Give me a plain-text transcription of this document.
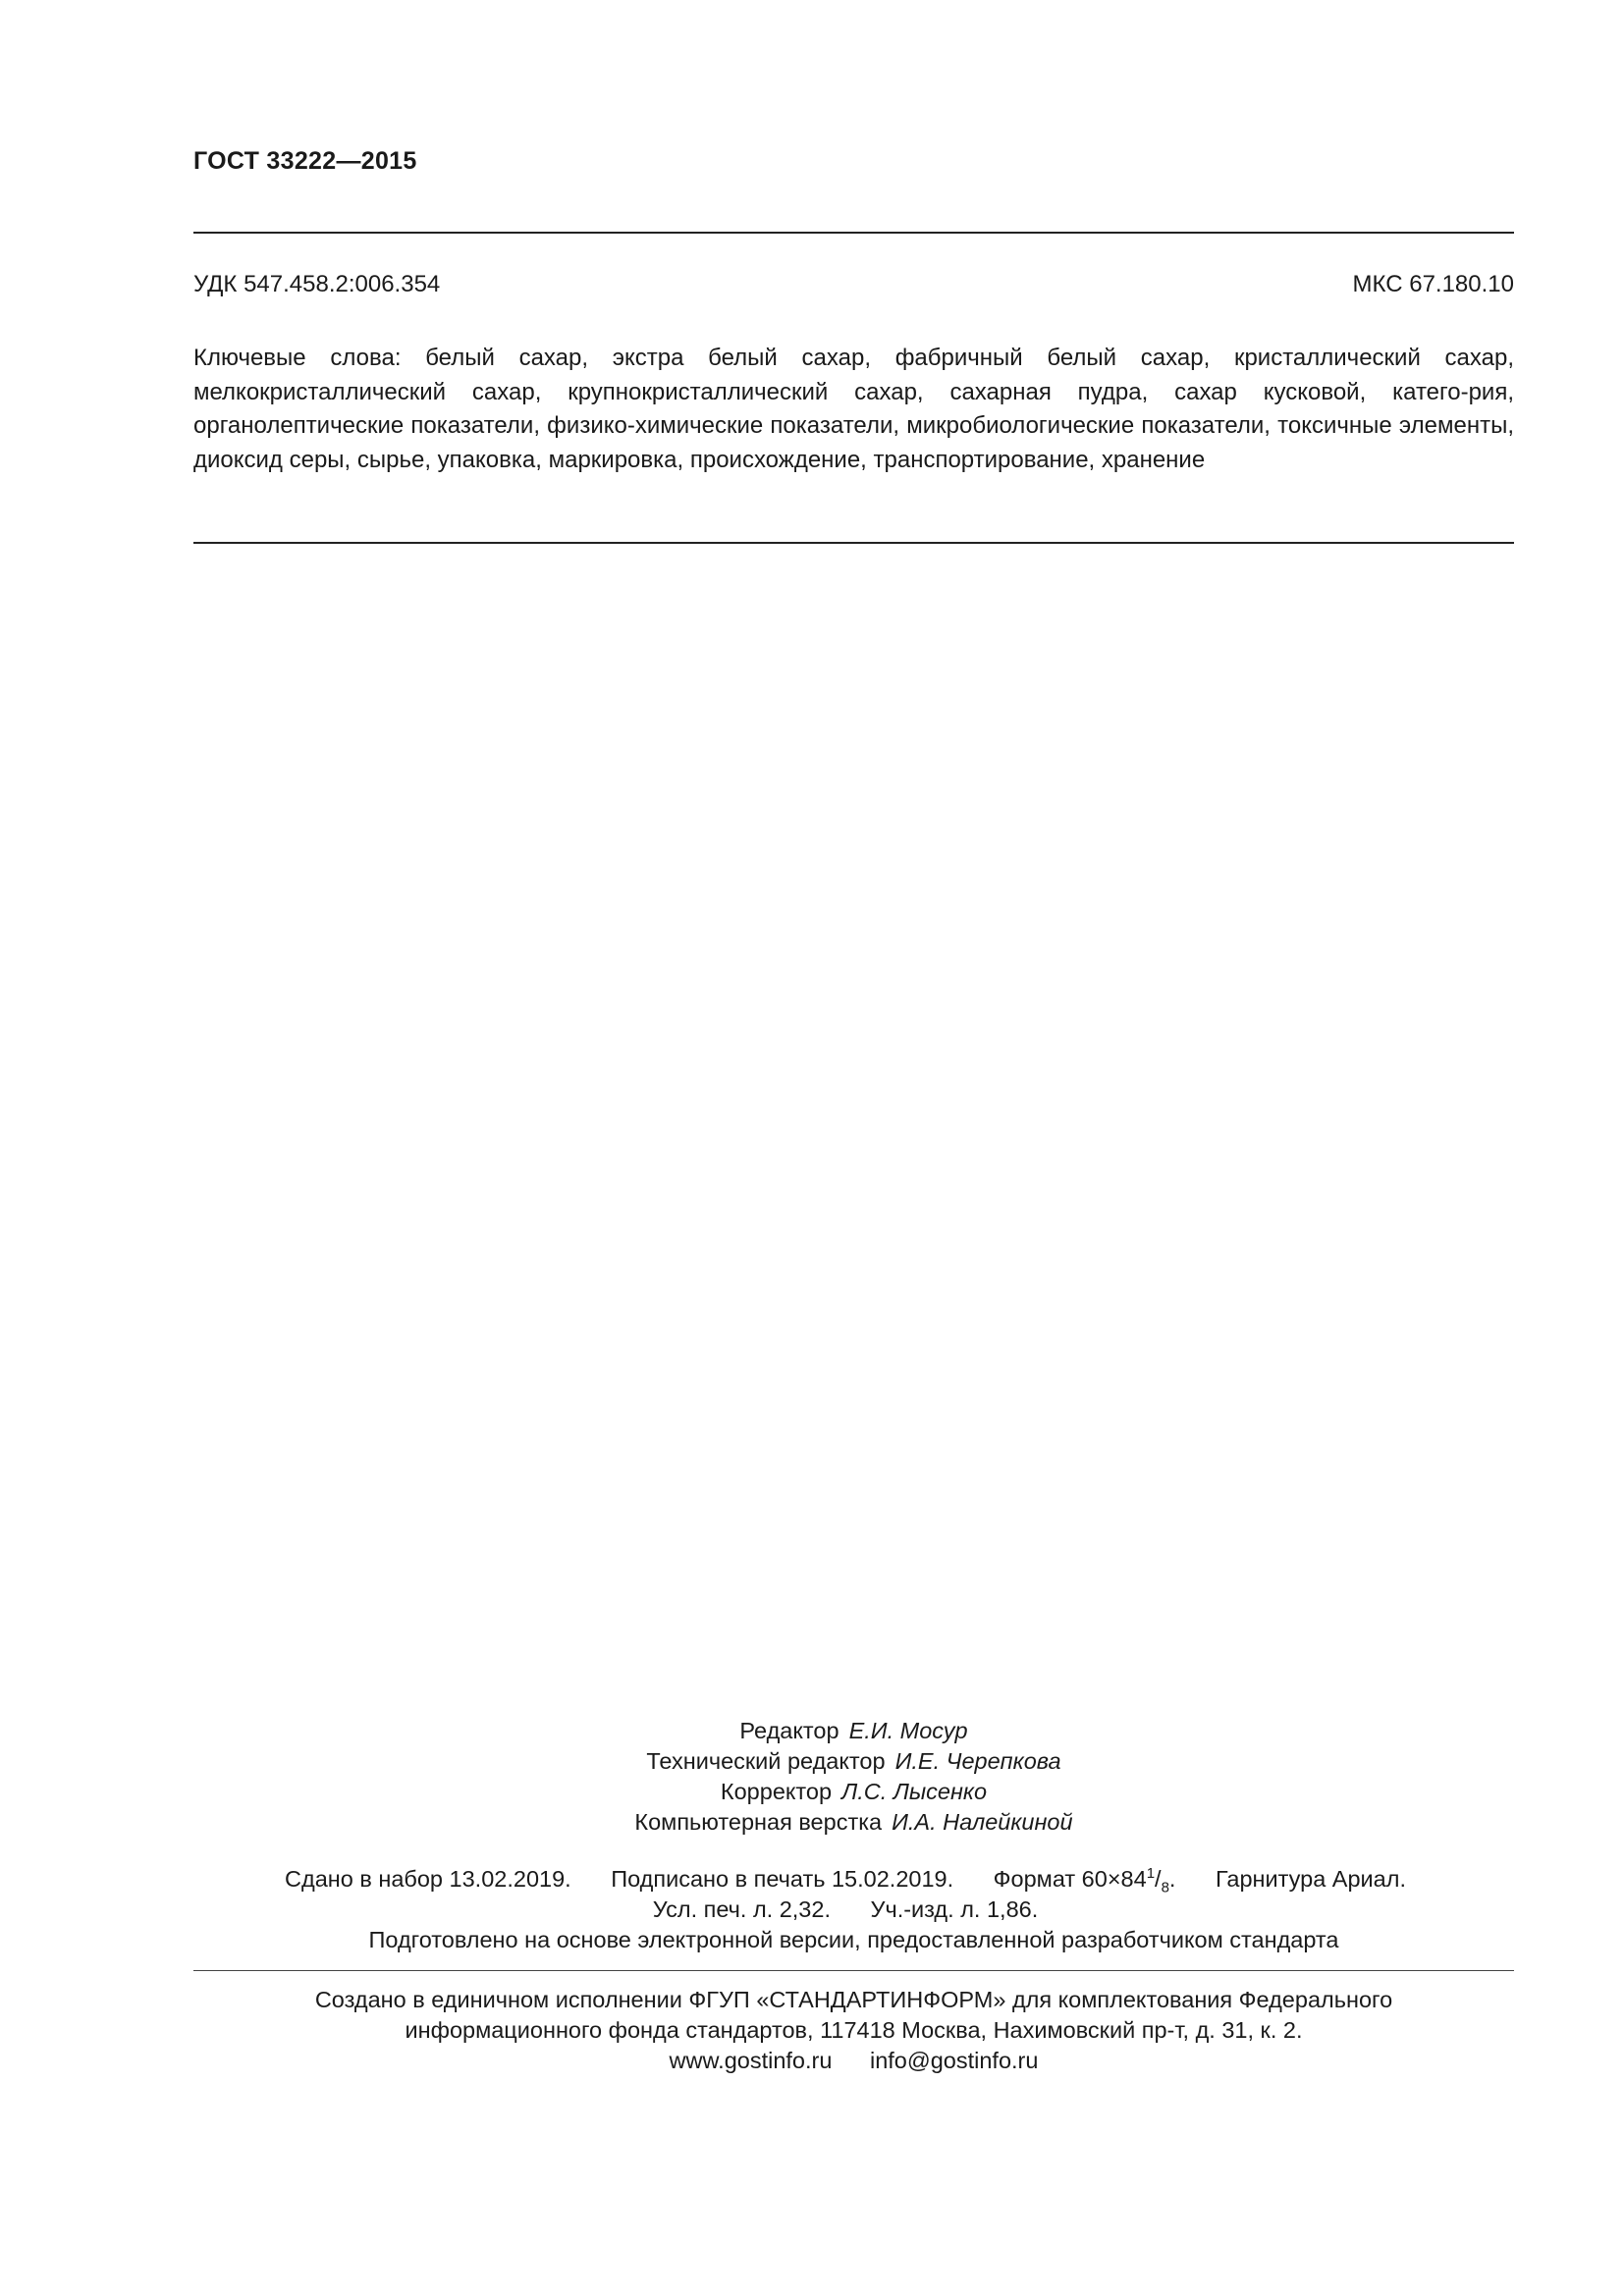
ГОСТ 33222—2015
УДК 547.458.2:006.354	МКС 67.180.10
Ключевые слова: белый сахар, экстра белый сахар, фабричный белый сахар, кристаллический сахар, мелкокристаллический сахар, крупнокристаллический сахар, сахарная пудра, сахар кусковой, катего-рия, органолептические показатели, физико-химические показатели, микробиологические показатели, токсичные элементы, диоксид серы, сырье, упаковка, маркировка, происхождение, транспортирование, хранение
Редактор Е.И. Мосур
Технический редактор И.Е. Черепкова
Корректор Л.С. Лысенко
Компьютерная верстка И.А. Налейкиной
Сдано в набор 13.02.2019. Подписано в печать 15.02.2019. Формат $60\times 84^1/_8$. Гарнитура Ариал.
Усл. печ. л. 2,32. Уч.-изд. л. 1,86.
Подготовлено на основе электронной версии, предоставленной разработчиком стандарта
Создано в единичном исполнении ФГУП «СТАНДАРТИНФОРМ» для комплектования Федерального
информационного фонда стандартов, 117418 Москва, Нахимовский пр-т, д. 31, к. 2.
www.gostinfo.ru info@gostinfo.ru
